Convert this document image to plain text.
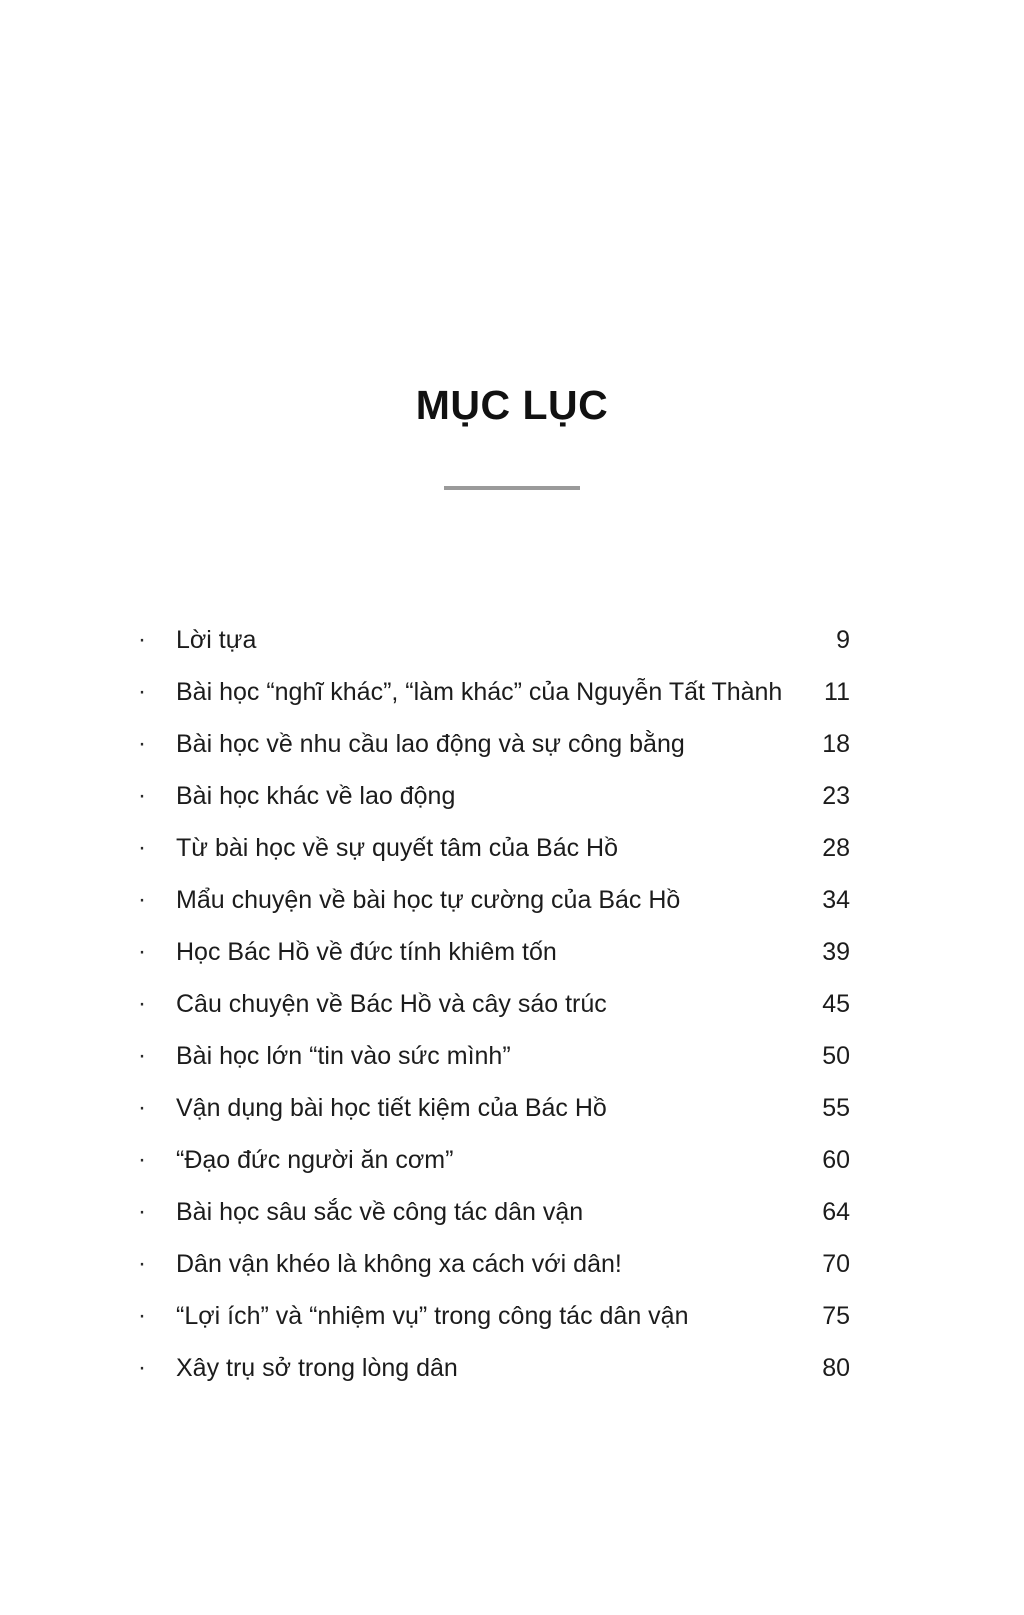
MỤC LỤC
·	Lời tựa	9
·	Bài học “nghĩ khác”, “làm khác” của Nguyễn Tất Thành	11
·	Bài học về nhu cầu lao động và sự công bằng	18
·	Bài học khác về lao động	23
·	Từ bài học về sự quyết tâm của Bác Hồ	28
·	Mẩu chuyện về bài học tự cường của Bác Hồ	34
·	Học Bác Hồ về đức tính khiêm tốn	39
·	Câu chuyện về Bác Hồ và cây sáo trúc	45
·	Bài học lớn “tin vào sức mình”	50
·	Vận dụng bài học tiết kiệm của Bác Hồ	55
·	“Đạo đức người ăn cơm”	60
·	Bài học sâu sắc về công tác dân vận	64
·	Dân vận khéo là không xa cách với dân!	70
·	“Lợi ích” và “nhiệm vụ” trong công tác dân vận	75
·	Xây trụ sở trong lòng dân	80
